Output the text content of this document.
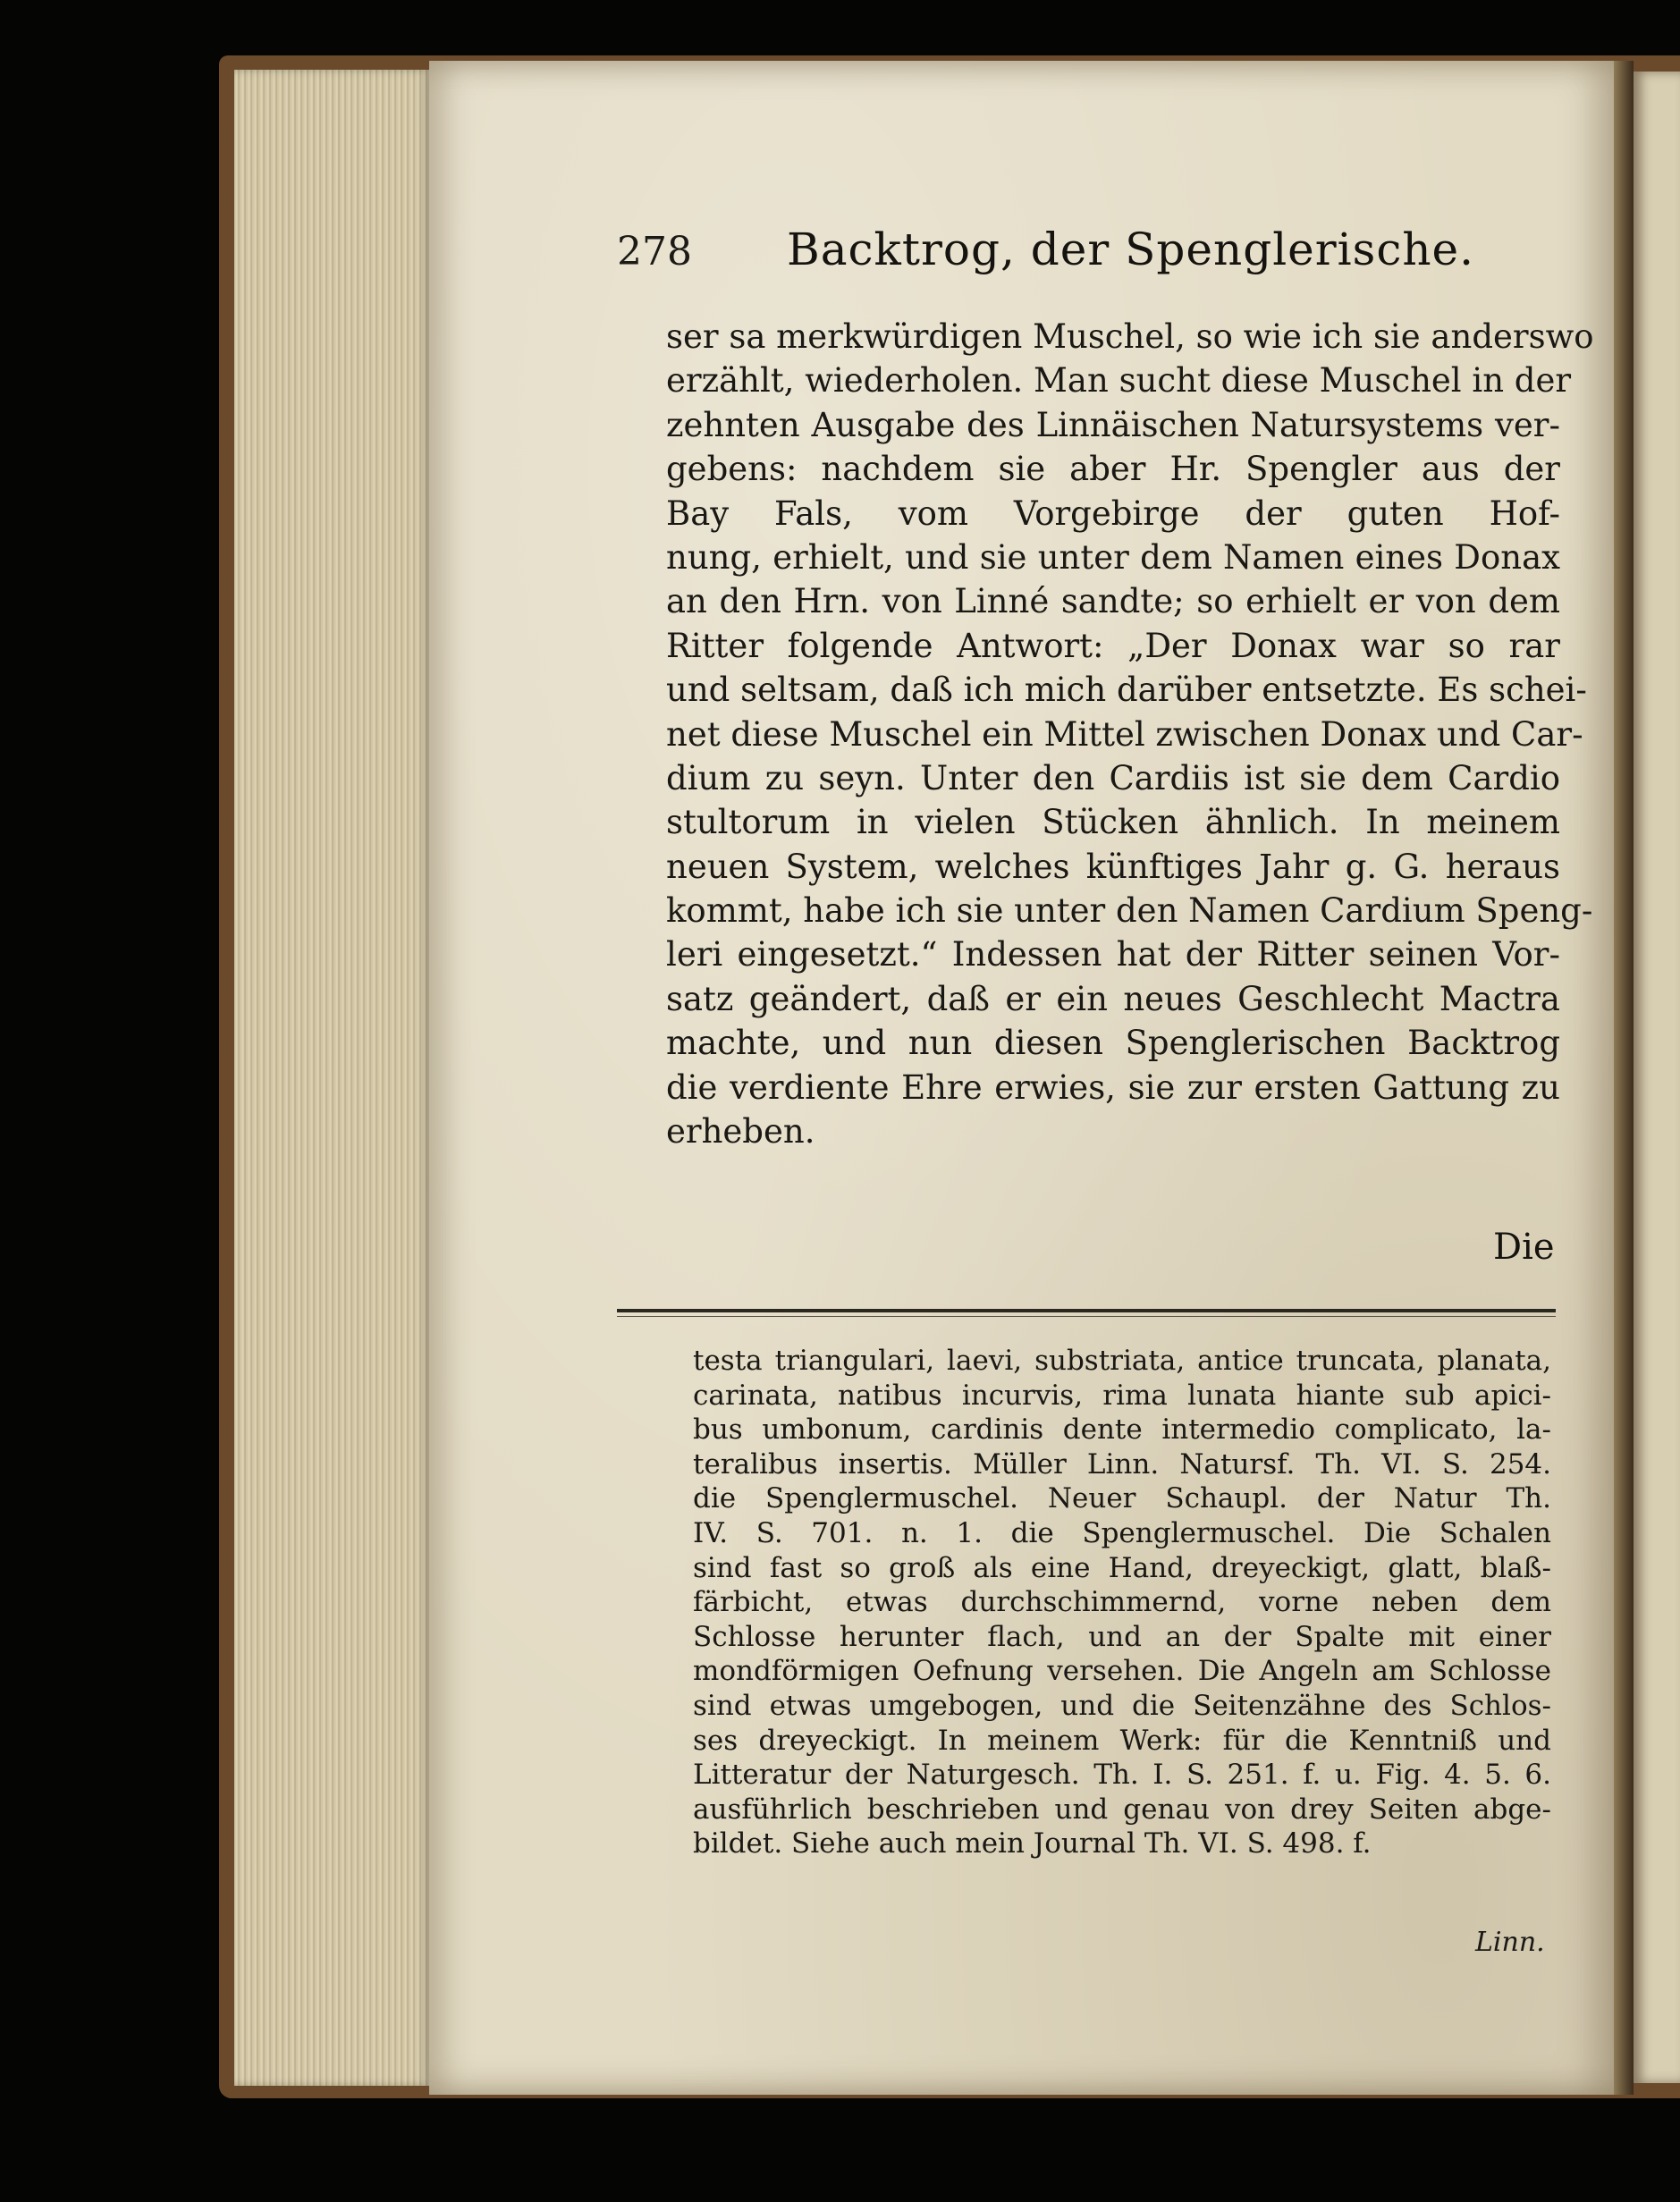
278 Backtrog, der Spenglerische.
ser sa merkwürdigen Muschel, so wie ich sie anderswo
erzählt, wiederholen. Man sucht diese Muschel in der
zehnten Ausgabe des Linnäischen Natursystems ver-
gebens: nachdem sie aber Hr. Spengler aus der
Bay Fals, vom Vorgebirge der guten Hof-
nung, erhielt, und sie unter dem Namen eines Donax
an den Hrn. von Linné sandte; so erhielt er von dem
Ritter folgende Antwort: „Der Donax war so rar
und seltsam, daß ich mich darüber entsetzte. Es schei-
net diese Muschel ein Mittel zwischen Donax und Car-
dium zu seyn. Unter den Cardiis ist sie dem Cardio
stultorum in vielen Stücken ähnlich. In meinem
neuen System, welches künftiges Jahr g. G. heraus
kommt, habe ich sie unter den Namen Cardium Speng-
leri eingesetzt.“ Indessen hat der Ritter seinen Vor-
satz geändert, daß er ein neues Geschlecht Mactra
machte, und nun diesen Spenglerischen Backtrog
die verdiente Ehre erwies, sie zur ersten Gattung zu
erheben.
Die
testa triangulari, laevi, substriata, antice truncata, planata,
carinata, natibus incurvis, rima lunata hiante sub apici-
bus umbonum, cardinis dente intermedio complicato, la-
teralibus insertis. Müller Linn. Natursf. Th. VI. S. 254.
die Spenglermuschel. Neuer Schaupl. der Natur Th.
IV. S. 701. n. 1. die Spenglermuschel. Die Schalen
sind fast so groß als eine Hand, dreyeckigt, glatt, blaß-
färbicht, etwas durchschimmernd, vorne neben dem
Schlosse herunter flach, und an der Spalte mit einer
mondförmigen Oefnung versehen. Die Angeln am Schlosse
sind etwas umgebogen, und die Seitenzähne des Schlos-
ses dreyeckigt. In meinem Werk: für die Kenntniß und
Litteratur der Naturgesch. Th. I. S. 251. f. u. Fig. 4. 5. 6.
ausführlich beschrieben und genau von drey Seiten abge-
bildet. Siehe auch mein Journal Th. VI. S. 498. f.
Linn.
